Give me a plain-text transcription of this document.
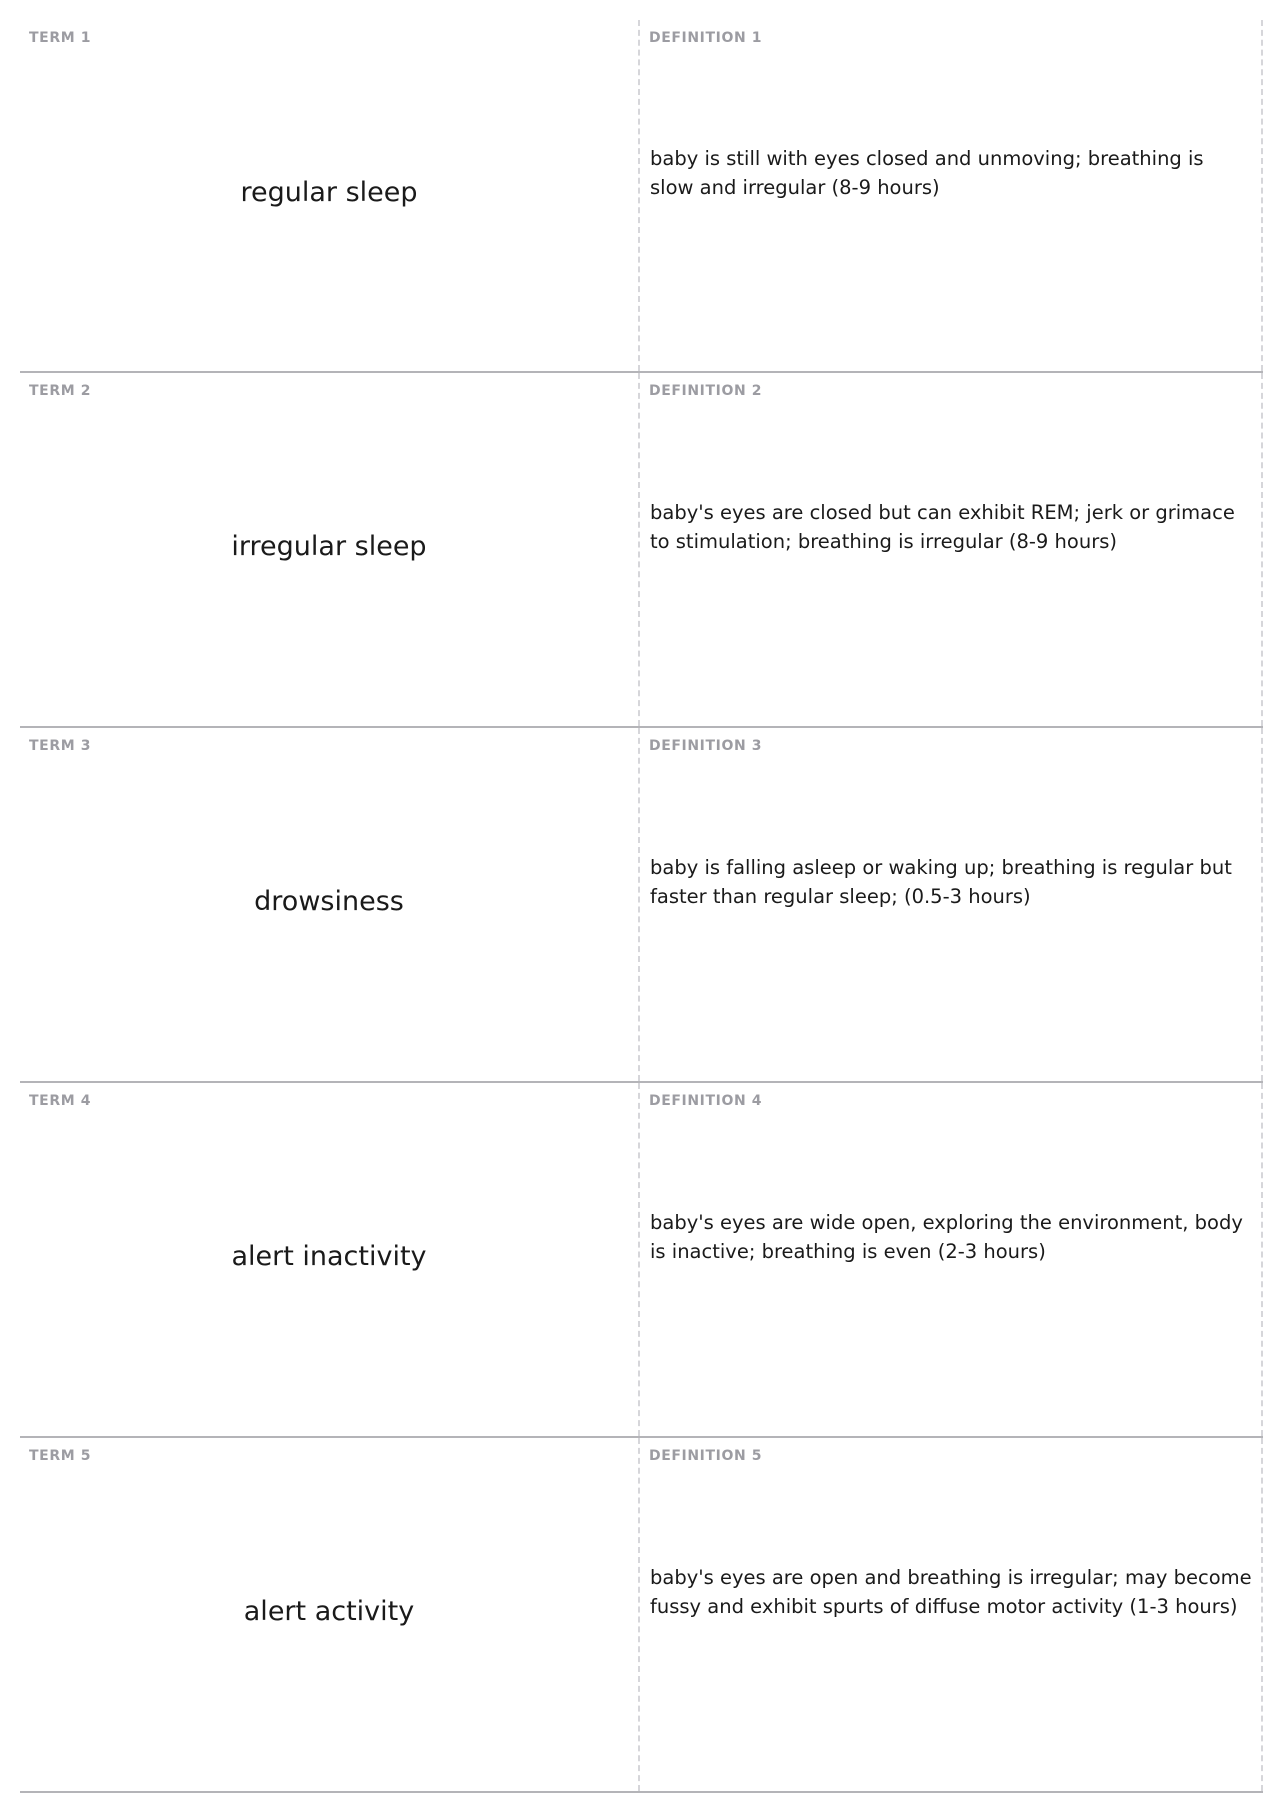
TERM 1
regular sleep
DEFINITION 1
baby is still with eyes closed and unmoving; breathing is slow and irregular (8-9 hours)
TERM 2
irregular sleep
DEFINITION 2
baby's eyes are closed but can exhibit REM; jerk or grimace to stimulation; breathing is irregular (8-9 hours)
TERM 3
drowsiness
DEFINITION 3
baby is falling asleep or waking up; breathing is regular but faster than regular sleep; (0.5-3 hours)
TERM 4
alert inactivity
DEFINITION 4
baby's eyes are wide open, exploring the environment, body is inactive; breathing is even (2-3 hours)
TERM 5
alert activity
DEFINITION 5
baby's eyes are open and breathing is irregular; may become fussy and exhibit spurts of diffuse motor activity (1-3 hours)
